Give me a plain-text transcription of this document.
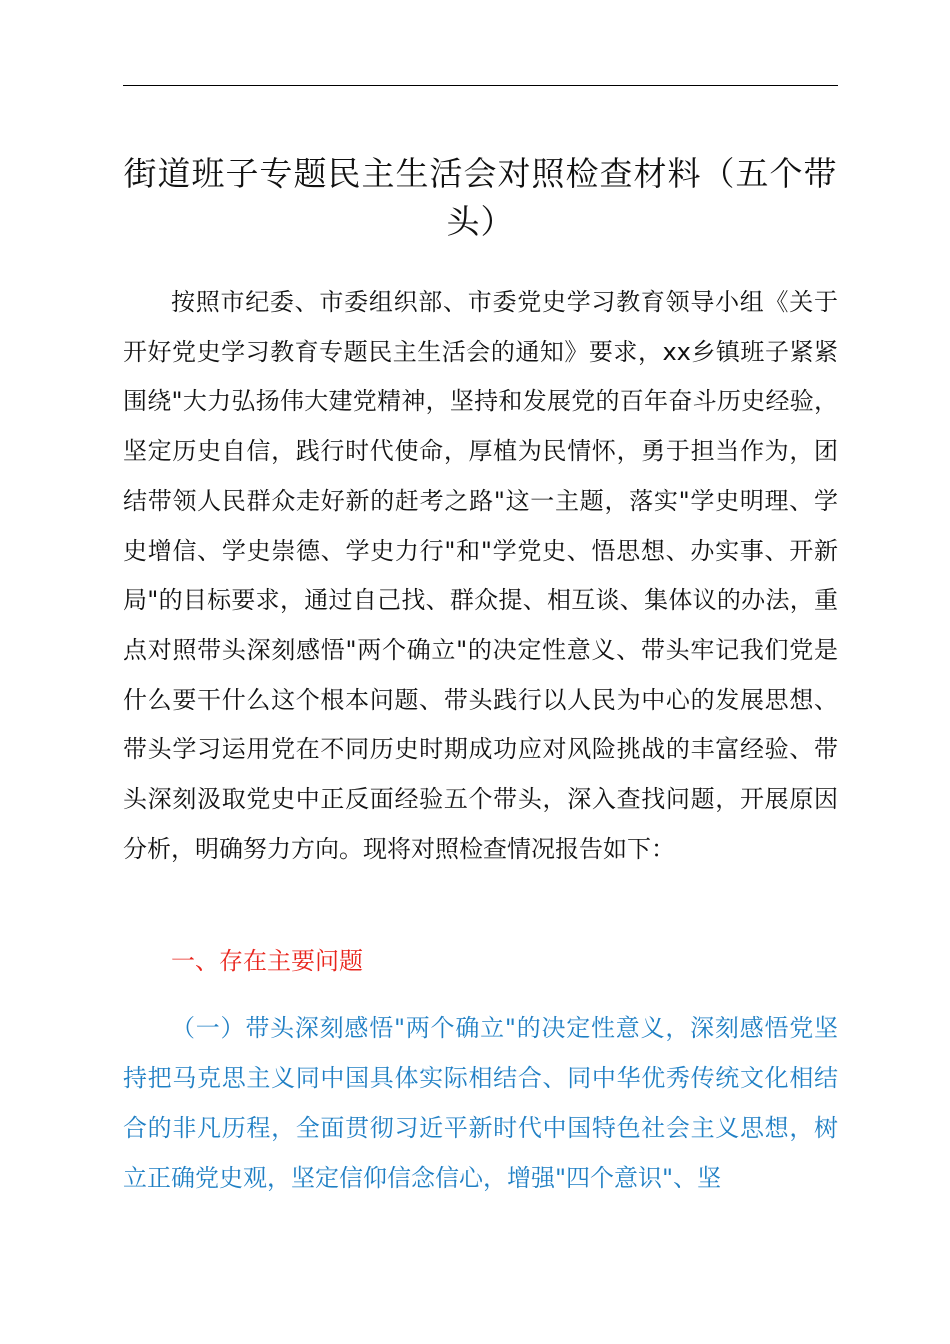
街道班子专题民主生活会对照检查材料（五个带头）

按照市纪委、市委组织部、市委党史学习教育领导小组《关于开好党史学习教育专题民主生活会的通知》要求，xx乡镇班子紧紧围绕"大力弘扬伟大建党精神，坚持和发展党的百年奋斗历史经验，坚定历史自信，践行时代使命，厚植为民情怀，勇于担当作为，团结带领人民群众走好新的赶考之路"这一主题，落实"学史明理、学史增信、学史崇德、学史力行"和"学党史、悟思想、办实事、开新局"的目标要求，通过自己找、群众提、相互谈、集体议的办法，重点对照带头深刻感悟"两个确立"的决定性意义、带头牢记我们党是什么要干什么这个根本问题、带头践行以人民为中心的发展思想、带头学习运用党在不同历史时期成功应对风险挑战的丰富经验、带头深刻汲取党史中正反面经验五个带头，深入查找问题，开展原因分析，明确努力方向。现将对照检查情况报告如下：

一、存在主要问题

（一）带头深刻感悟"两个确立"的决定性意义，深刻感悟党坚持把马克思主义同中国具体实际相结合、同中华优秀传统文化相结合的非凡历程，全面贯彻习近平新时代中国特色社会主义思想，树立正确党史观，坚定信仰信念信心，增强"四个意识"、坚
